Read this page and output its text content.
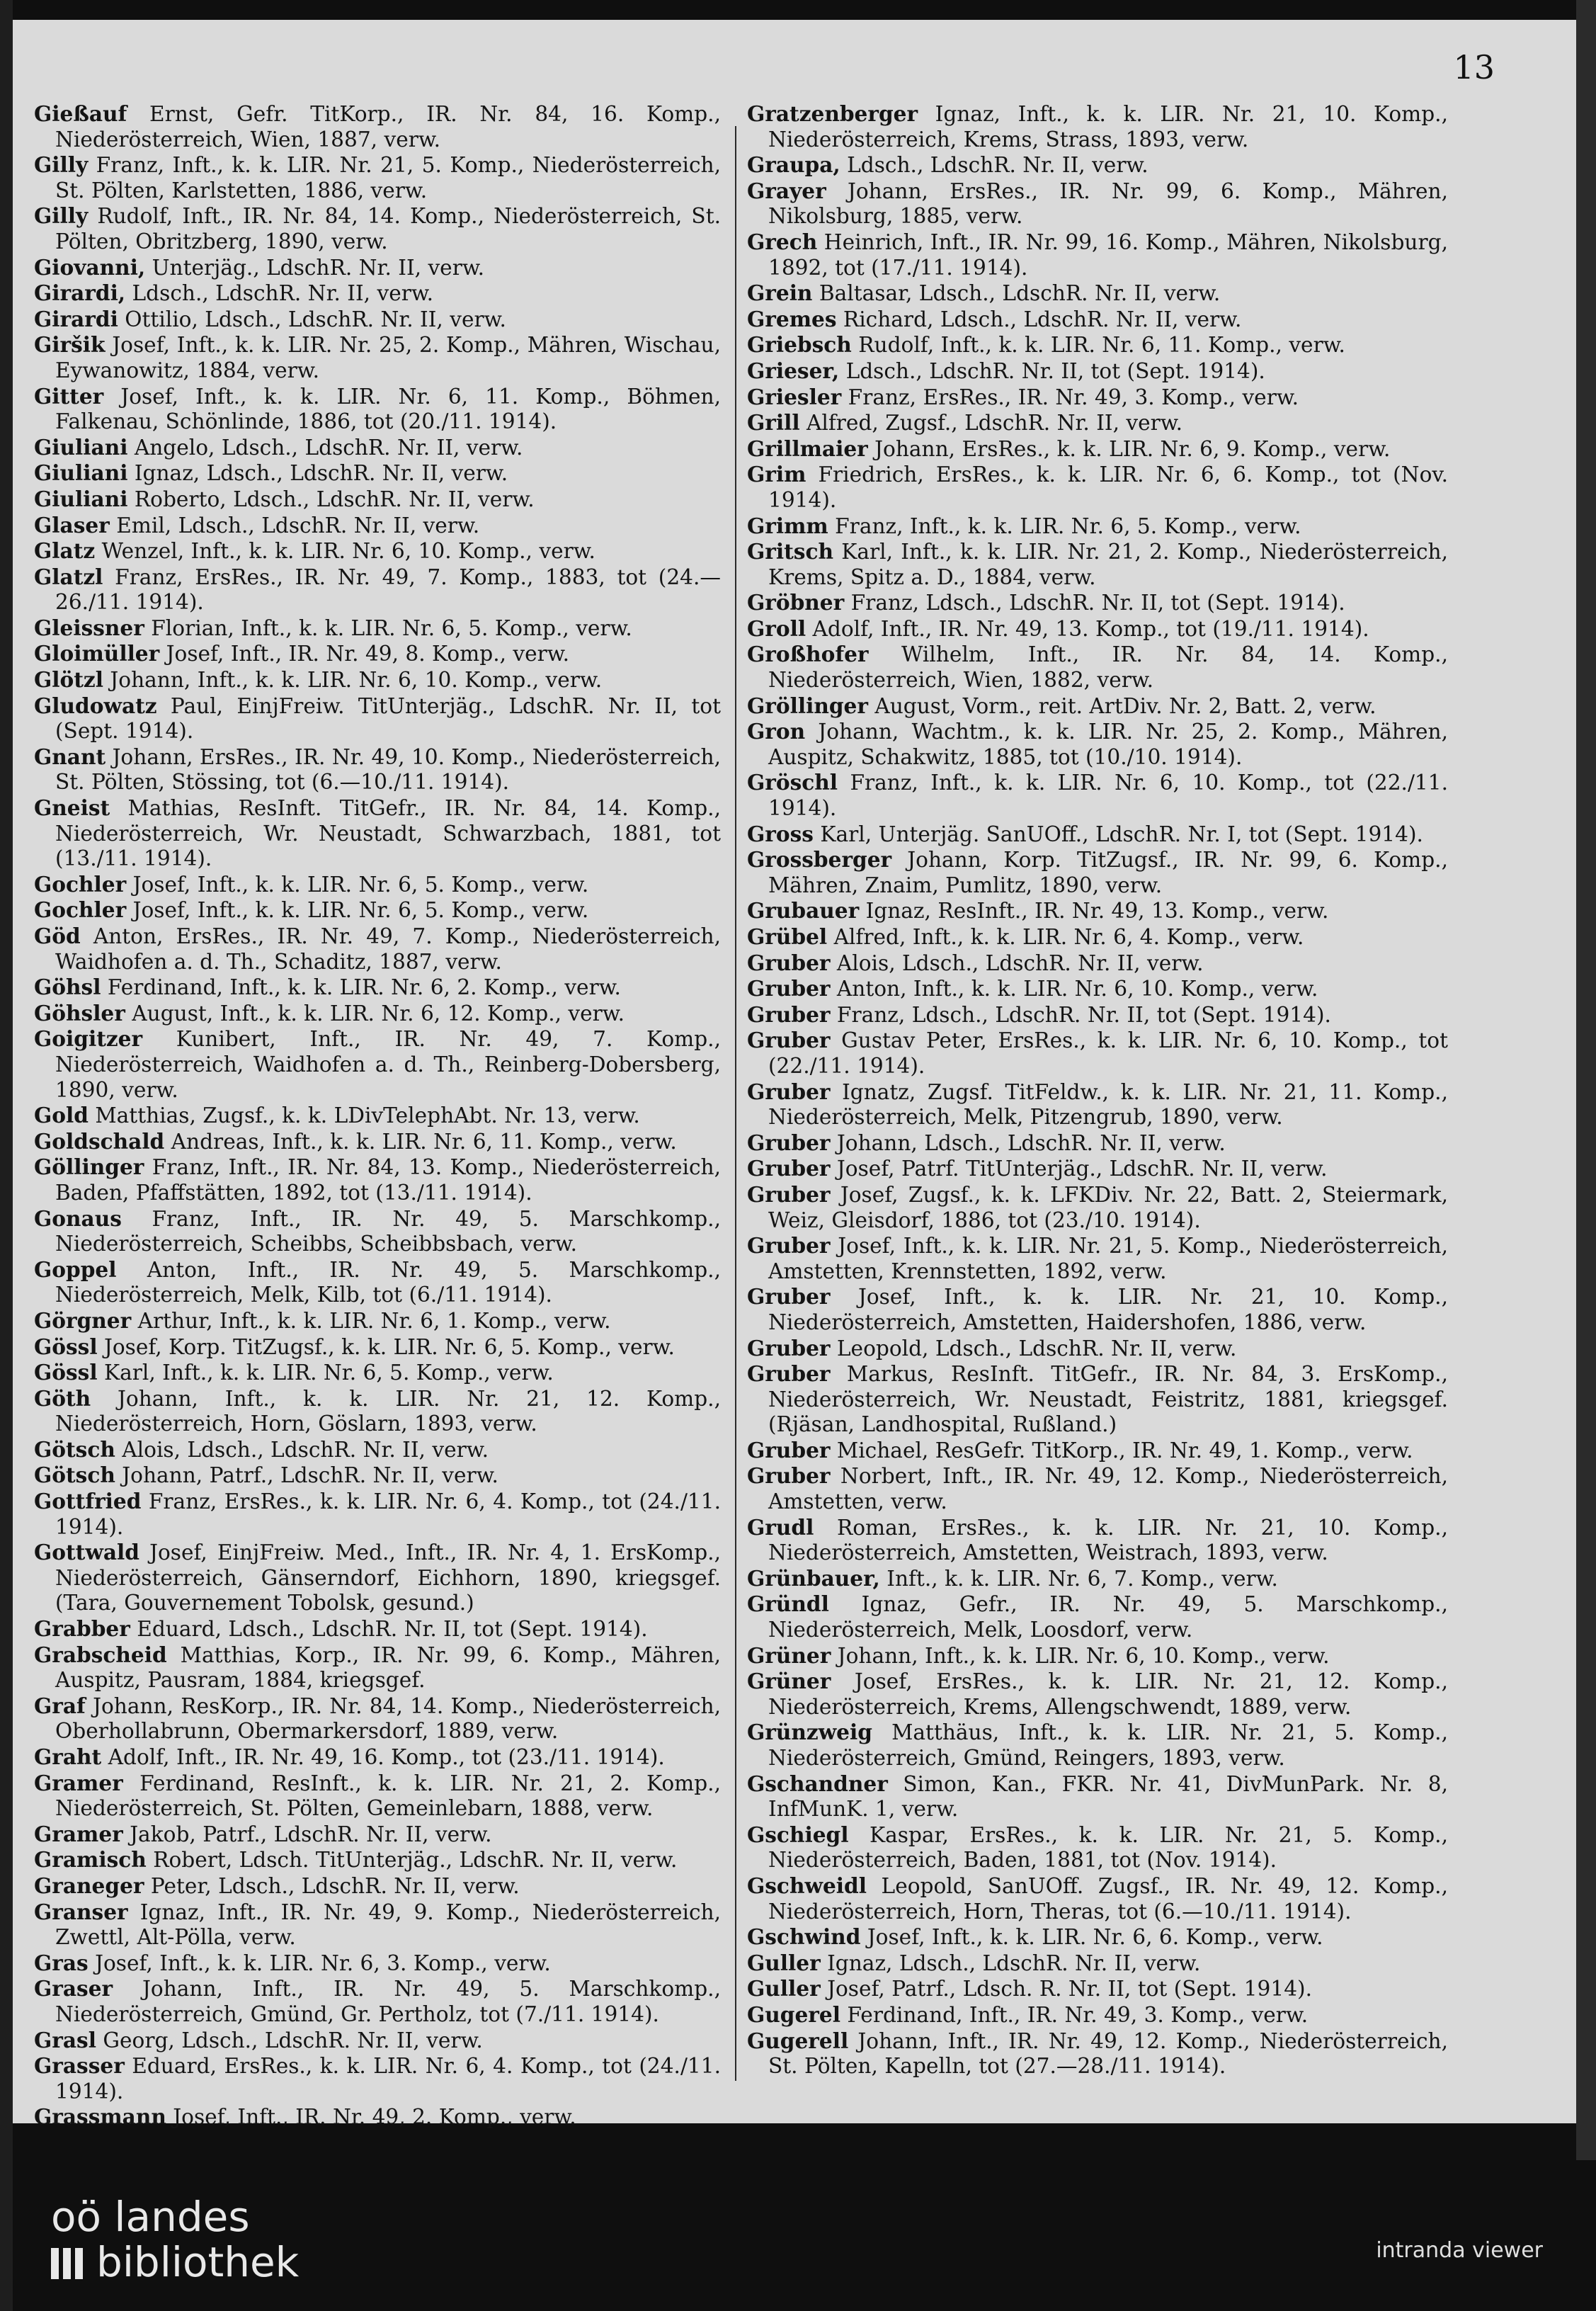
13
Gießauf Ernst, Gefr. TitKorp., IR. Nr. 84, 16. Komp., Niederösterreich, Wien, 1887, verw.
Gilly Franz, Inft., k. k. LIR. Nr. 21, 5. Komp., Niederösterreich, St. Pölten, Karlstetten, 1886, verw.
Gilly Rudolf, Inft., IR. Nr. 84, 14. Komp., Niederösterreich, St. Pölten, Obritzberg, 1890, verw.
Giovanni, Unterjäg., LdschR. Nr. II, verw.
Girardi, Ldsch., LdschR. Nr. II, verw.
Girardi Ottilio, Ldsch., LdschR. Nr. II, verw.
Giršik Josef, Inft., k. k. LIR. Nr. 25, 2. Komp., Mähren, Wischau, Eywanowitz, 1884, verw.
Gitter Josef, Inft., k. k. LIR. Nr. 6, 11. Komp., Böhmen, Falkenau, Schönlinde, 1886, tot (20./11. 1914).
Giuliani Angelo, Ldsch., LdschR. Nr. II, verw.
Giuliani Ignaz, Ldsch., LdschR. Nr. II, verw.
Giuliani Roberto, Ldsch., LdschR. Nr. II, verw.
Glaser Emil, Ldsch., LdschR. Nr. II, verw.
Glatz Wenzel, Inft., k. k. LIR. Nr. 6, 10. Komp., verw.
Glatzl Franz, ErsRes., IR. Nr. 49, 7. Komp., 1883, tot (24.—26./11. 1914).
Gleissner Florian, Inft., k. k. LIR. Nr. 6, 5. Komp., verw.
Gloimüller Josef, Inft., IR. Nr. 49, 8. Komp., verw.
Glötzl Johann, Inft., k. k. LIR. Nr. 6, 10. Komp., verw.
Gludowatz Paul, EinjFreiw. TitUnterjäg., LdschR. Nr. II, tot (Sept. 1914).
Gnant Johann, ErsRes., IR. Nr. 49, 10. Komp., Niederösterreich, St. Pölten, Stössing, tot (6.—10./11. 1914).
Gneist Mathias, ResInft. TitGefr., IR. Nr. 84, 14. Komp., Niederösterreich, Wr. Neustadt, Schwarzbach, 1881, tot (13./11. 1914).
Gochler Josef, Inft., k. k. LIR. Nr. 6, 5. Komp., verw.
Gochler Josef, Inft., k. k. LIR. Nr. 6, 5. Komp., verw.
Göd Anton, ErsRes., IR. Nr. 49, 7. Komp., Niederösterreich, Waidhofen a. d. Th., Schaditz, 1887, verw.
Göhsl Ferdinand, Inft., k. k. LIR. Nr. 6, 2. Komp., verw.
Göhsler August, Inft., k. k. LIR. Nr. 6, 12. Komp., verw.
Goigitzer Kunibert, Inft., IR. Nr. 49, 7. Komp., Niederösterreich, Waidhofen a. d. Th., Reinberg-Dobersberg, 1890, verw.
Gold Matthias, Zugsf., k. k. LDivTelephAbt. Nr. 13, verw.
Goldschald Andreas, Inft., k. k. LIR. Nr. 6, 11. Komp., verw.
Göllinger Franz, Inft., IR. Nr. 84, 13. Komp., Niederösterreich, Baden, Pfaffstätten, 1892, tot (13./11. 1914).
Gonaus Franz, Inft., IR. Nr. 49, 5. Marschkomp., Niederösterreich, Scheibbs, Scheibbsbach, verw.
Goppel Anton, Inft., IR. Nr. 49, 5. Marschkomp., Niederösterreich, Melk, Kilb, tot (6./11. 1914).
Görgner Arthur, Inft., k. k. LIR. Nr. 6, 1. Komp., verw.
Gössl Josef, Korp. TitZugsf., k. k. LIR. Nr. 6, 5. Komp., verw.
Gössl Karl, Inft., k. k. LIR. Nr. 6, 5. Komp., verw.
Göth Johann, Inft., k. k. LIR. Nr. 21, 12. Komp., Niederösterreich, Horn, Göslarn, 1893, verw.
Götsch Alois, Ldsch., LdschR. Nr. II, verw.
Götsch Johann, Patrf., LdschR. Nr. II, verw.
Gottfried Franz, ErsRes., k. k. LIR. Nr. 6, 4. Komp., tot (24./11. 1914).
Gottwald Josef, EinjFreiw. Med., Inft., IR. Nr. 4, 1. ErsKomp., Niederösterreich, Gänserndorf, Eichhorn, 1890, kriegsgef. (Tara, Gouvernement Tobolsk, gesund.)
Grabber Eduard, Ldsch., LdschR. Nr. II, tot (Sept. 1914).
Grabscheid Matthias, Korp., IR. Nr. 99, 6. Komp., Mähren, Auspitz, Pausram, 1884, kriegsgef.
Graf Johann, ResKorp., IR. Nr. 84, 14. Komp., Niederösterreich, Oberhollabrunn, Obermarkersdorf, 1889, verw.
Graht Adolf, Inft., IR. Nr. 49, 16. Komp., tot (23./11. 1914).
Gramer Ferdinand, ResInft., k. k. LIR. Nr. 21, 2. Komp., Niederösterreich, St. Pölten, Gemeinlebarn, 1888, verw.
Gramer Jakob, Patrf., LdschR. Nr. II, verw.
Gramisch Robert, Ldsch. TitUnterjäg., LdschR. Nr. II, verw.
Graneger Peter, Ldsch., LdschR. Nr. II, verw.
Granser Ignaz, Inft., IR. Nr. 49, 9. Komp., Niederösterreich, Zwettl, Alt-Pölla, verw.
Gras Josef, Inft., k. k. LIR. Nr. 6, 3. Komp., verw.
Graser Johann, Inft., IR. Nr. 49, 5. Marschkomp., Niederösterreich, Gmünd, Gr. Pertholz, tot (7./11. 1914).
Grasl Georg, Ldsch., LdschR. Nr. II, verw.
Grasser Eduard, ErsRes., k. k. LIR. Nr. 6, 4. Komp., tot (24./11. 1914).
Grassmann Josef, Inft., IR. Nr. 49, 2. Komp., verw.
Gratzenberger Ignaz, Inft., k. k. LIR. Nr. 21, 10. Komp., Niederösterreich, Krems, Strass, 1893, verw.
Graupa, Ldsch., LdschR. Nr. II, verw.
Grayer Johann, ErsRes., IR. Nr. 99, 6. Komp., Mähren, Nikolsburg, 1885, verw.
Grech Heinrich, Inft., IR. Nr. 99, 16. Komp., Mähren, Nikolsburg, 1892, tot (17./11. 1914).
Grein Baltasar, Ldsch., LdschR. Nr. II, verw.
Gremes Richard, Ldsch., LdschR. Nr. II, verw.
Griebsch Rudolf, Inft., k. k. LIR. Nr. 6, 11. Komp., verw.
Grieser, Ldsch., LdschR. Nr. II, tot (Sept. 1914).
Griesler Franz, ErsRes., IR. Nr. 49, 3. Komp., verw.
Grill Alfred, Zugsf., LdschR. Nr. II, verw.
Grillmaier Johann, ErsRes., k. k. LIR. Nr. 6, 9. Komp., verw.
Grim Friedrich, ErsRes., k. k. LIR. Nr. 6, 6. Komp., tot (Nov. 1914).
Grimm Franz, Inft., k. k. LIR. Nr. 6, 5. Komp., verw.
Gritsch Karl, Inft., k. k. LIR. Nr. 21, 2. Komp., Niederösterreich, Krems, Spitz a. D., 1884, verw.
Gröbner Franz, Ldsch., LdschR. Nr. II, tot (Sept. 1914).
Groll Adolf, Inft., IR. Nr. 49, 13. Komp., tot (19./11. 1914).
Großhofer Wilhelm, Inft., IR. Nr. 84, 14. Komp., Niederösterreich, Wien, 1882, verw.
Gröllinger August, Vorm., reit. ArtDiv. Nr. 2, Batt. 2, verw.
Gron Johann, Wachtm., k. k. LIR. Nr. 25, 2. Komp., Mähren, Auspitz, Schakwitz, 1885, tot (10./10. 1914).
Gröschl Franz, Inft., k. k. LIR. Nr. 6, 10. Komp., tot (22./11. 1914).
Gross Karl, Unterjäg. SanUOff., LdschR. Nr. I, tot (Sept. 1914).
Grossberger Johann, Korp. TitZugsf., IR. Nr. 99, 6. Komp., Mähren, Znaim, Pumlitz, 1890, verw.
Grubauer Ignaz, ResInft., IR. Nr. 49, 13. Komp., verw.
Grübel Alfred, Inft., k. k. LIR. Nr. 6, 4. Komp., verw.
Gruber Alois, Ldsch., LdschR. Nr. II, verw.
Gruber Anton, Inft., k. k. LIR. Nr. 6, 10. Komp., verw.
Gruber Franz, Ldsch., LdschR. Nr. II, tot (Sept. 1914).
Gruber Gustav Peter, ErsRes., k. k. LIR. Nr. 6, 10. Komp., tot (22./11. 1914).
Gruber Ignatz, Zugsf. TitFeldw., k. k. LIR. Nr. 21, 11. Komp., Niederösterreich, Melk, Pitzengrub, 1890, verw.
Gruber Johann, Ldsch., LdschR. Nr. II, verw.
Gruber Josef, Patrf. TitUnterjäg., LdschR. Nr. II, verw.
Gruber Josef, Zugsf., k. k. LFKDiv. Nr. 22, Batt. 2, Steiermark, Weiz, Gleisdorf, 1886, tot (23./10. 1914).
Gruber Josef, Inft., k. k. LIR. Nr. 21, 5. Komp., Niederösterreich, Amstetten, Krennstetten, 1892, verw.
Gruber Josef, Inft., k. k. LIR. Nr. 21, 10. Komp., Niederösterreich, Amstetten, Haidershofen, 1886, verw.
Gruber Leopold, Ldsch., LdschR. Nr. II, verw.
Gruber Markus, ResInft. TitGefr., IR. Nr. 84, 3. ErsKomp., Niederösterreich, Wr. Neustadt, Feistritz, 1881, kriegsgef. (Rjäsan, Landhospital, Rußland.)
Gruber Michael, ResGefr. TitKorp., IR. Nr. 49, 1. Komp., verw.
Gruber Norbert, Inft., IR. Nr. 49, 12. Komp., Niederösterreich, Amstetten, verw.
Grudl Roman, ErsRes., k. k. LIR. Nr. 21, 10. Komp., Niederösterreich, Amstetten, Weistrach, 1893, verw.
Grünbauer, Inft., k. k. LIR. Nr. 6, 7. Komp., verw.
Gründl Ignaz, Gefr., IR. Nr. 49, 5. Marschkomp., Niederösterreich, Melk, Loosdorf, verw.
Grüner Johann, Inft., k. k. LIR. Nr. 6, 10. Komp., verw.
Grüner Josef, ErsRes., k. k. LIR. Nr. 21, 12. Komp., Niederösterreich, Krems, Allengschwendt, 1889, verw.
Grünzweig Matthäus, Inft., k. k. LIR. Nr. 21, 5. Komp., Niederösterreich, Gmünd, Reingers, 1893, verw.
Gschandner Simon, Kan., FKR. Nr. 41, DivMunPark. Nr. 8, InfMunK. 1, verw.
Gschiegl Kaspar, ErsRes., k. k. LIR. Nr. 21, 5. Komp., Niederösterreich, Baden, 1881, tot (Nov. 1914).
Gschweidl Leopold, SanUOff. Zugsf., IR. Nr. 49, 12. Komp., Niederösterreich, Horn, Theras, tot (6.—10./11. 1914).
Gschwind Josef, Inft., k. k. LIR. Nr. 6, 6. Komp., verw.
Guller Ignaz, Ldsch., LdschR. Nr. II, verw.
Guller Josef, Patrf., Ldsch. R. Nr. II, tot (Sept. 1914).
Gugerel Ferdinand, Inft., IR. Nr. 49, 3. Komp., verw.
Gugerell Johann, Inft., IR. Nr. 49, 12. Komp., Niederösterreich, St. Pölten, Kapelln, tot (27.—28./11. 1914).
oö landes
bibliothek	intranda viewer
